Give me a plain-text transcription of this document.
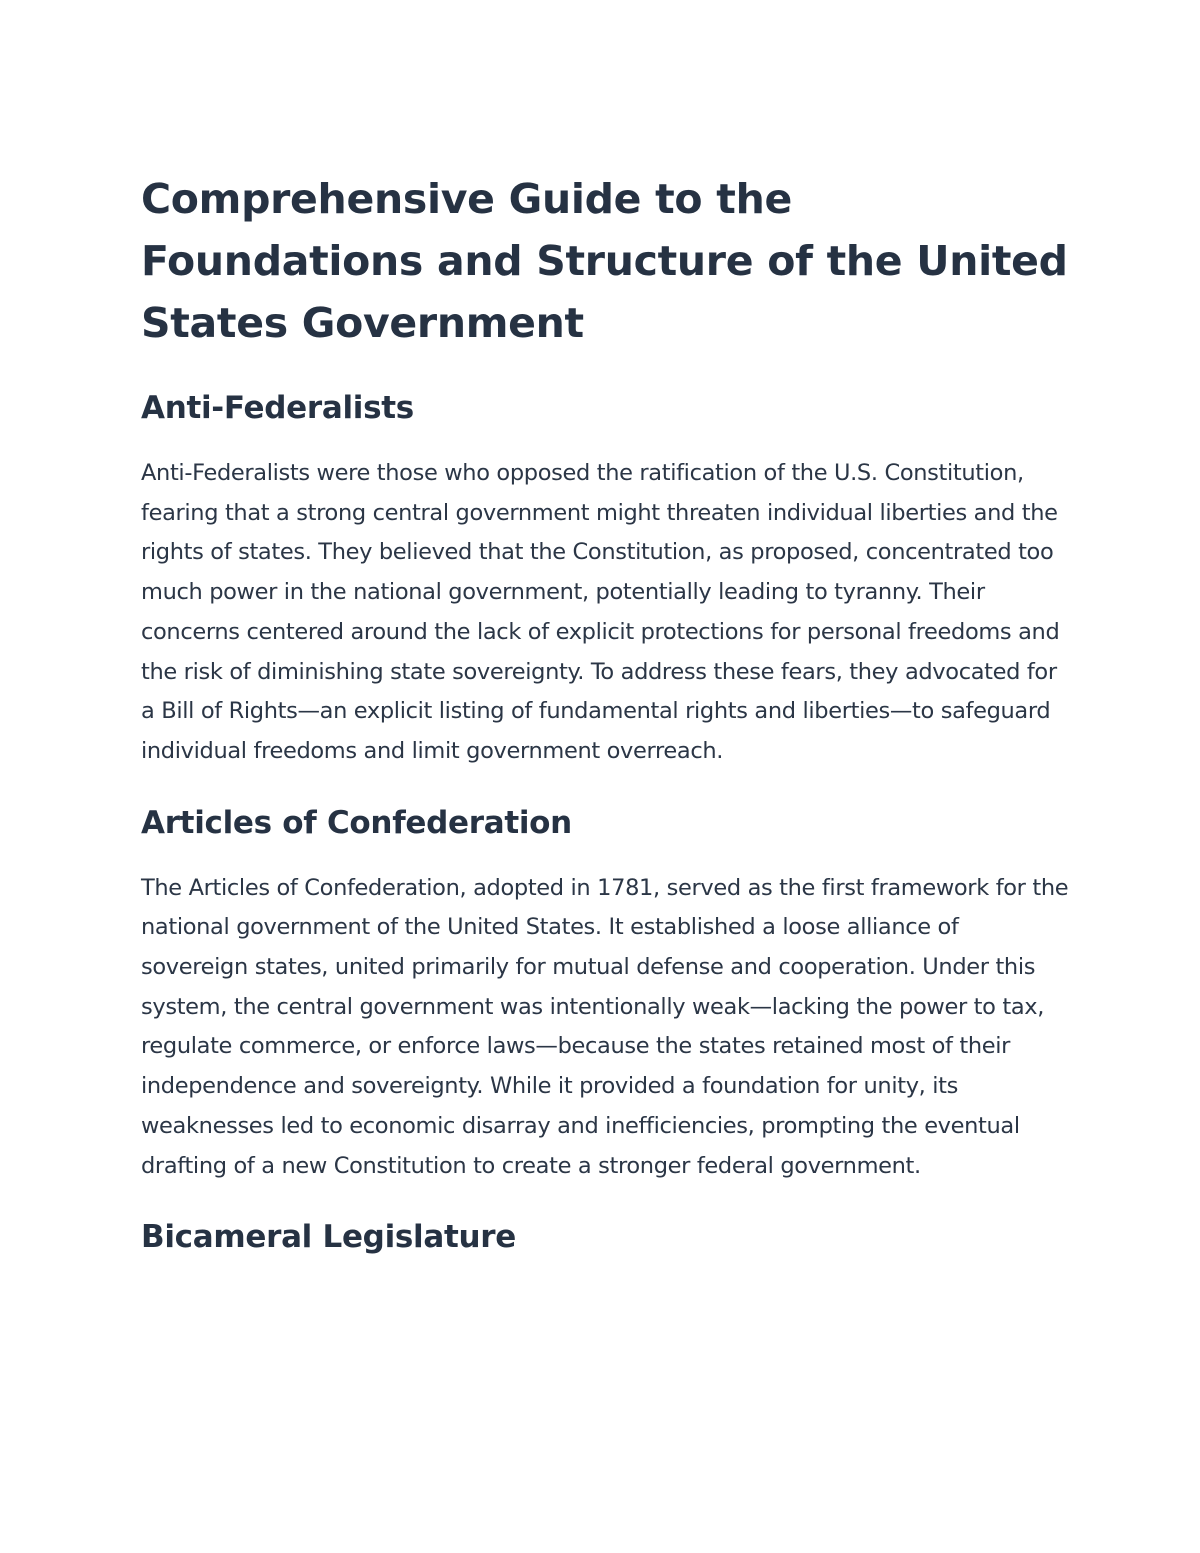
Comprehensive Guide to the Foundations and Structure of the United States Government
Anti-Federalists

Anti-Federalists were those who opposed the ratification of the U.S. Constitution, fearing that a strong central government might threaten individual liberties and the rights of states. They believed that the Constitution, as proposed, concentrated too much power in the national government, potentially leading to tyranny. Their concerns centered around the lack of explicit protections for personal freedoms and the risk of diminishing state sovereignty. To address these fears, they advocated for a Bill of Rights—an explicit listing of fundamental rights and liberties—to safeguard individual freedoms and limit government overreach.

Articles of Confederation

The Articles of Confederation, adopted in 1781, served as the first framework for the national government of the United States. It established a loose alliance of sovereign states, united primarily for mutual defense and cooperation. Under this system, the central government was intentionally weak—lacking the power to tax, regulate commerce, or enforce laws—because the states retained most of their independence and sovereignty. While it provided a foundation for unity, its weaknesses led to economic disarray and inefficiencies, prompting the eventual drafting of a new Constitution to create a stronger federal government.

Bicameral Legislature
